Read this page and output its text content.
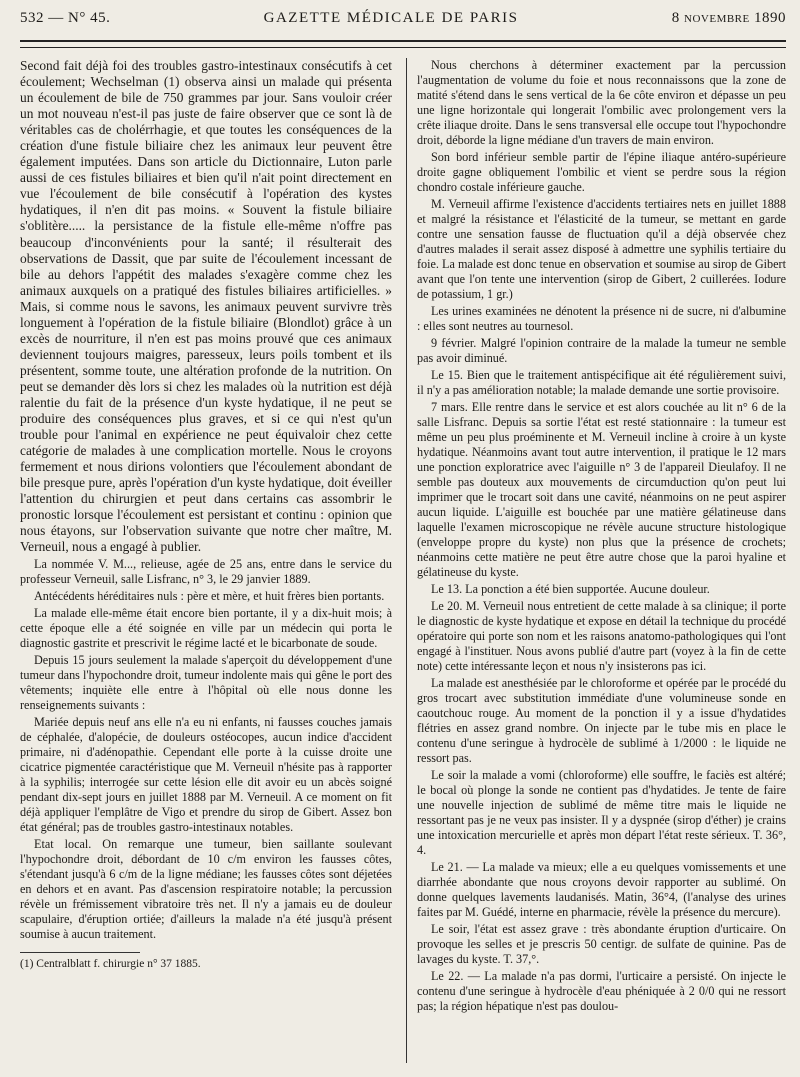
532 — N° 45.	GAZETTE MÉDICALE DE PARIS	8 novembre 1890

Second fait déjà foi des troubles gastro-intestinaux consécutifs à cet écoulement; Wechselman (1) observa ainsi un malade qui présenta un écoulement de bile de 750 grammes par jour. Sans vouloir créer un mot nouveau n'est-il pas juste de faire observer que ce sont là de véritables cas de cholérrhagie, et que toutes les conséquences de la création d'une fistule biliaire chez les animaux leur peuvent être également imputées. Dans son article du Dictionnaire, Luton parle aussi de ces fistules biliaires et bien qu'il n'ait point directement en vue l'écoulement de bile consécutif à l'opération des kystes hydatiques, il n'en dit pas moins. « Souvent la fistule biliaire s'oblitère..... la persistance de la fistule elle-même n'offre pas beaucoup d'inconvénients pour la santé; il résulterait des observations de Dassit, que par suite de l'écoulement incessant de bile au dehors l'appétit des malades s'exagère comme chez les animaux auxquels on a pratiqué des fistules biliaires artificielles. » Mais, si comme nous le savons, les animaux peuvent survivre très longuement à l'opération de la fistule biliaire (Blondlot) grâce à un excès de nourriture, il n'en est pas moins prouvé que ces animaux deviennent toujours maigres, paresseux, leurs poils tombent et ils présentent, somme toute, une altération profonde de la nutrition. On peut se demander dès lors si chez les malades où la nutrition est déjà ralentie du fait de la présence d'un kyste hydatique, il ne peut se produire des conséquences plus graves, et si ce qui n'est qu'un trouble pour l'animal en expérience ne peut équivaloir chez cette catégorie de malades à une complication mortelle. Nous le croyons fermement et nous dirions volontiers que l'écoulement abondant de bile presque pure, après l'opération d'un kyste hydatique, doit éveiller l'attention du chirurgien et peut dans certains cas assombrir le pronostic lorsque l'écoulement est persistant et continu : opinion que nous étayons, sur l'observation suivante que notre cher maître, M. Verneuil, nous a engagé à publier.

La nommée V. M..., relieuse, agée de 25 ans, entre dans le service du professeur Verneuil, salle Lisfranc, n° 3, le 29 janvier 1889.

Antécédents héréditaires nuls : père et mère, et huit frères bien portants.

La malade elle-même était encore bien portante, il y a dix-huit mois; à cette époque elle a été soignée en ville par un médecin qui porta le diagnostic gastrite et prescrivit le régime lacté et le bicarbonate de soude.

Depuis 15 jours seulement la malade s'aperçoit du développement d'une tumeur dans l'hypochondre droit, tumeur indolente mais qui gêne le port des vêtements; inquiète elle entre à l'hôpital où elle nous donne les renseignements suivants :

Mariée depuis neuf ans elle n'a eu ni enfants, ni fausses couches jamais de céphalée, d'alopécie, de douleurs ostéocopes, aucun indice d'accident primaire, ni d'adénopathie. Cependant elle porte à la cuisse droite une cicatrice pigmentée caractéristique que M. Verneuil n'hésite pas à rapporter à la syphilis; interrogée sur cette lésion elle dit avoir eu un abcès soigné pendant dix-sept jours en juillet 1888 par M. Verneuil. A ce moment on fit déjà appliquer l'emplâtre de Vigo et prendre du sirop de Gibert. Assez bon état général; pas de troubles gastro-intestinaux notables.

Etat local. On remarque une tumeur, bien saillante soulevant l'hypochondre droit, débordant de 10 c/m environ les fausses côtes, s'étendant jusqu'à 6 c/m de la ligne médiane; les fausses côtes sont déjetées en dehors et en avant. Pas d'ascension respiratoire notable; la percussion révèle un frémissement vibratoire très net. Il n'y a jamais eu de douleur scapulaire, d'éruption ortiée; d'ailleurs la malade n'a été jusqu'à présent soumise à aucun traitement.

(1) Centralblatt f. chirurgie n° 37 1885.

Nous cherchons à déterminer exactement par la percussion l'augmentation de volume du foie et nous reconnaissons que la zone de matité s'étend dans le sens vertical de la 6e côte environ et dépasse un peu une ligne horizontale qui longerait l'ombilic avec prolongement vers la crête iliaque droite. Dans le sens transversal elle occupe tout l'hypochondre droit, déborde la ligne médiane d'un travers de main environ.

Son bord inférieur semble partir de l'épine iliaque antéro-supérieure droite gagne obliquement l'ombilic et vient se perdre sous la région chondro costale inférieure gauche.

M. Verneuil affirme l'existence d'accidents tertiaires nets en juillet 1888 et malgré la résistance et l'élasticité de la tumeur, se mettant en garde contre une sensation fausse de fluctuation qu'il a déjà observée chez d'autres malades il serait assez disposé à admettre une syphilis tertiaire du foie. La malade est donc tenue en observation et soumise au sirop de Gibert avant que l'on tente une intervention (sirop de Gibert, 2 cuillerées. Iodure de potassium, 1 gr.)

Les urines examinées ne dénotent la présence ni de sucre, ni d'albumine : elles sont neutres au tournesol.

9 février. Malgré l'opinion contraire de la malade la tumeur ne semble pas avoir diminué.

Le 15. Bien que le traitement antispécifique ait été régulièrement suivi, il n'y a pas amélioration notable; la malade demande une sortie provisoire.

7 mars. Elle rentre dans le service et est alors couchée au lit n° 6 de la salle Lisfranc. Depuis sa sortie l'état est resté stationnaire : la tumeur est même un peu plus proéminente et M. Verneuil incline à croire à un kyste hydatique. Néanmoins avant tout autre intervention, il pratique le 12 mars une ponction exploratrice avec l'aiguille n° 3 de l'appareil Dieulafoy. Il ne semble pas douteux aux mouvements de circumduction qu'on peut lui imprimer que le trocart soit dans une cavité, néanmoins on ne peut aspirer aucun liquide. L'aiguille est bouchée par une matière gélatineuse dans laquelle l'examen microscopique ne révèle aucune structure histologique (enveloppe propre du kyste) non plus que la présence de crochets; néanmoins cette matière ne peut être autre chose que la paroi hyaline et gélatineuse du kyste.

Le 13. La ponction a été bien supportée. Aucune douleur.

Le 20. M. Verneuil nous entretient de cette malade à sa clinique; il porte le diagnostic de kyste hydatique et expose en détail la technique du procédé opératoire qui porte son nom et les raisons anatomo-pathologiques qui l'ont engagé à l'instituer. Nous avons publié d'autre part (voyez à la fin de cette note) cette intéressante leçon et nous n'y insisterons pas ici.

La malade est anesthésiée par le chloroforme et opérée par le procédé du gros trocart avec substitution immédiate d'une volumineuse sonde en caoutchouc rouge. Au moment de la ponction il y a issue d'hydatides flétries en assez grand nombre. On injecte par le tube mis en place le contenu d'une seringue à hydrocèle de sublimé à 1/2000 : le liquide ne ressort pas.

Le soir la malade a vomi (chloroforme) elle souffre, le faciès est altéré; le bocal où plonge la sonde ne contient pas d'hydatides. Je tente de faire une nouvelle injection de sublimé de même titre mais le liquide ne ressortant pas je ne veux pas insister. Il y a dyspnée (sirop d'éther) je crains une intoxication mercurielle et après mon départ l'état reste sérieux. T. 36°, 4.

Le 21. — La malade va mieux; elle a eu quelques vomissements et une diarrhée abondante que nous croyons devoir rapporter au sublimé. On donne quelques lavements laudanisés. Matin, 36°4, (l'analyse des urines faites par M. Guédé, interne en pharmacie, révèle la présence du mercure).

Le soir, l'état est assez grave : très abondante éruption d'urticaire. On provoque les selles et je prescris 50 centigr. de sulfate de quinine. Pas de lavages du kyste. T. 37,°.

Le 22. — La malade n'a pas dormi, l'urticaire a persisté. On injecte le contenu d'une seringue à hydrocèle d'eau phéniquée à 2 0/0 qui ne ressort pas; la région hépatique n'est pas doulou-
